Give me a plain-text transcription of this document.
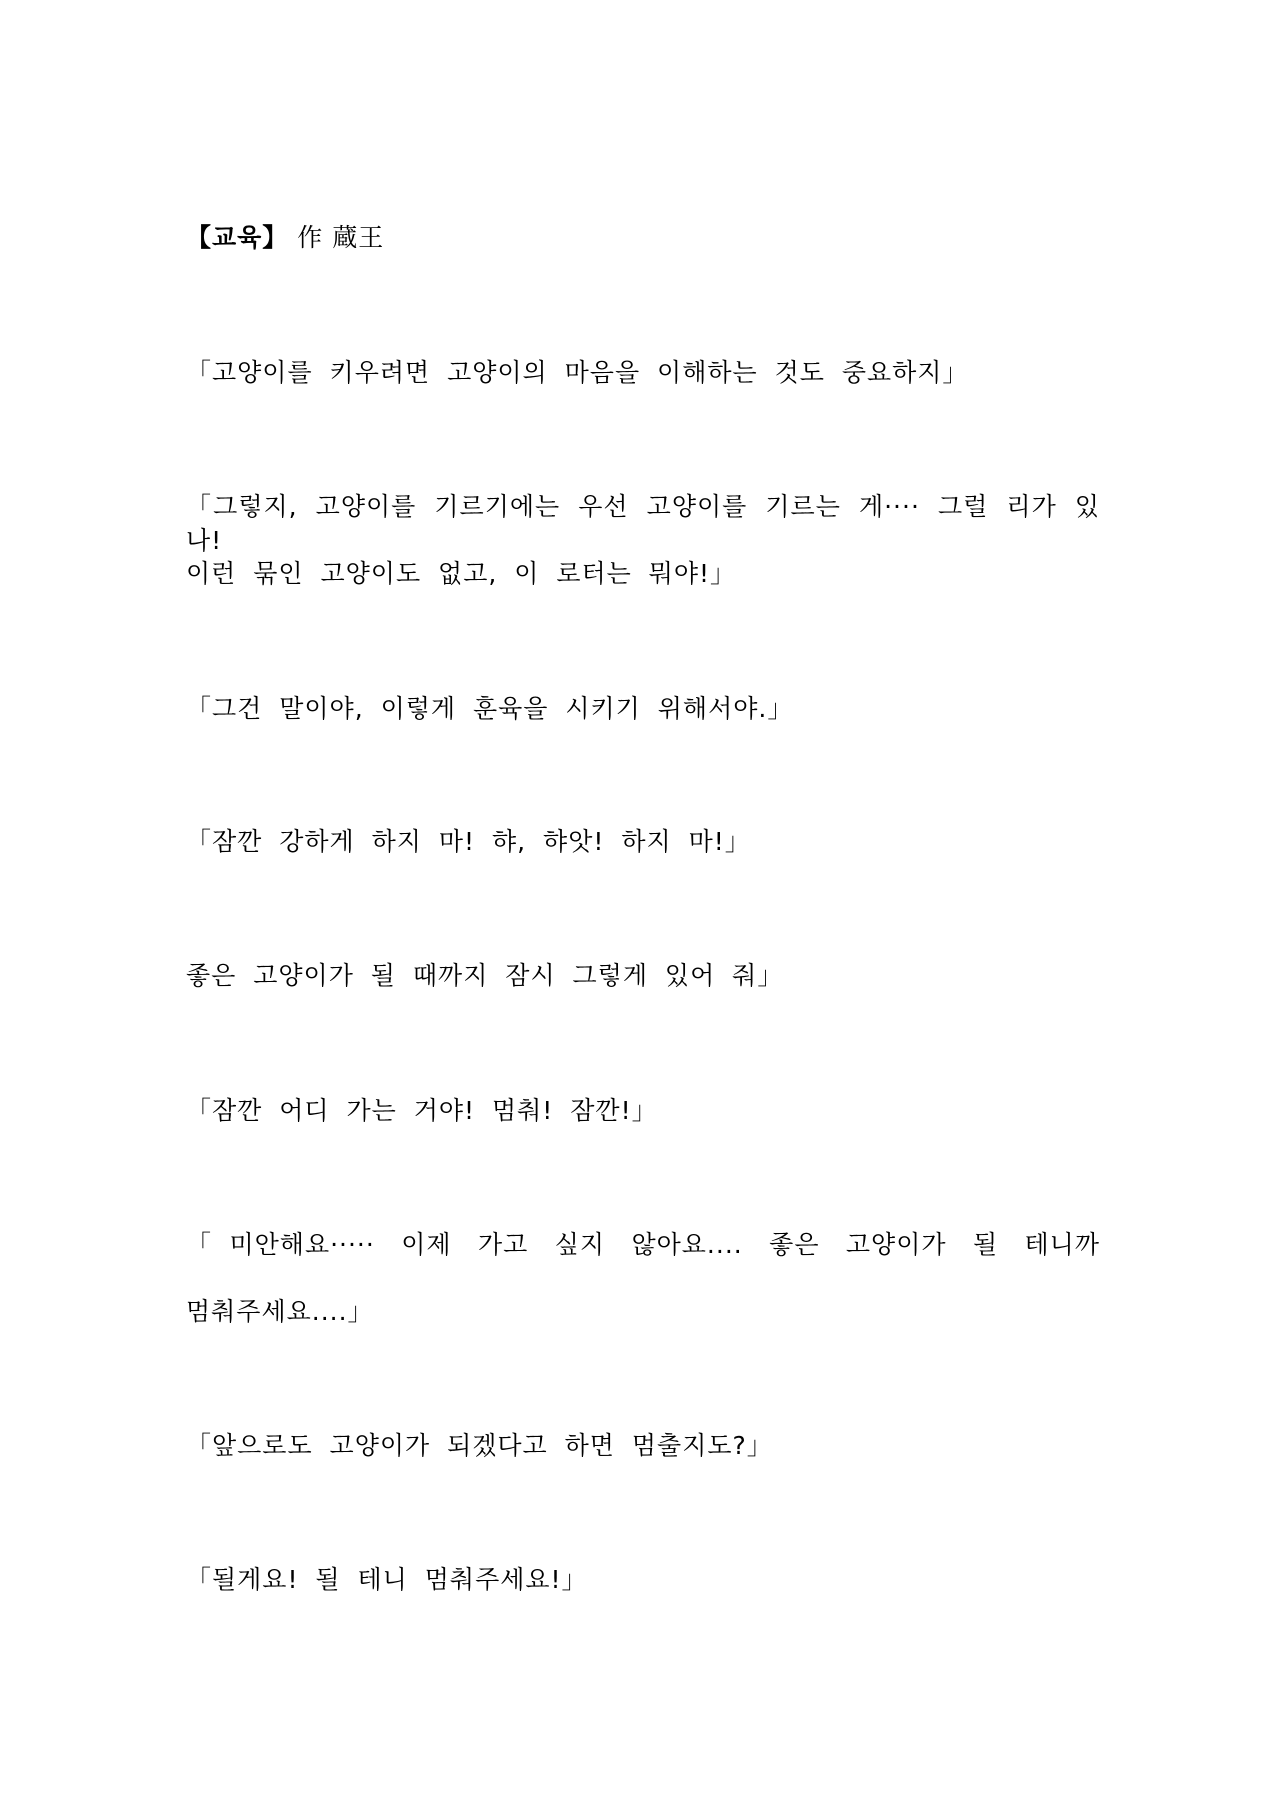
【교육】 作 蔵王
「고양이를 키우려면 고양이의 마음을 이해하는 것도 중요하지」
「그렇지, 고양이를 기르기에는 우선 고양이를 기르는 게···· 그럴 리가 있나!
이런 묶인 고양이도 없고, 이 로터는 뭐야!」
「그건 말이야, 이렇게 훈육을 시키기 위해서야.」
「잠깐 강하게 하지 마! 햐, 햐앗! 하지 마!」
좋은 고양이가 될 때까지 잠시 그렇게 있어 줘」
「잠깐 어디 가는 거야! 멈춰! 잠깐!」
「미안해요····· 이제 가고 싶지 않아요.... 좋은 고양이가 될 테니까
멈춰주세요....」
「앞으로도 고양이가 되겠다고 하면 멈출지도?」
「될게요! 될 테니 멈춰주세요!」
